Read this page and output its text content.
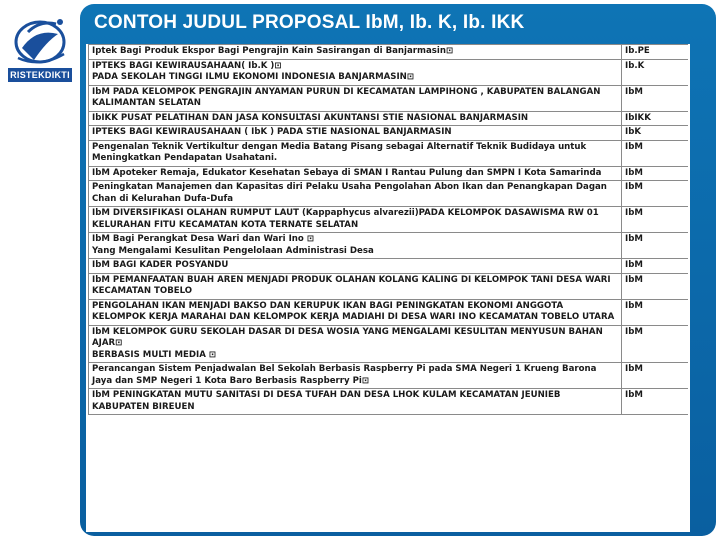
RISTEKDIKTI
CONTOH JUDUL PROPOSAL IbM, Ib. K, Ib. IKK
Iptek Bagi Produk Ekspor Bagi Pengrajin Kain Sasirangan di Banjarmasin⊡	Ib.PE
IPTEKS BAGI KEWIRAUSAHAAN( Ib.K )⊡
PADA SEKOLAH TINGGI ILMU EKONOMI INDONESIA BANJARMASIN⊡	Ib.K
IbM PADA KELOMPOK PENGRAJIN ANYAMAN PURUN DI KECAMATAN LAMPIHONG , KABUPATEN BALANGAN KALIMANTAN SELATAN	IbM
IbIKK PUSAT PELATIHAN DAN JASA KONSULTASI AKUNTANSI STIE NASIONAL BANJARMASIN	IbIKK
IPTEKS BAGI KEWIRAUSAHAAN ( IbK ) PADA STIE NASIONAL BANJARMASIN	IbK
Pengenalan Teknik Vertikultur dengan Media Batang Pisang sebagai Alternatif Teknik Budidaya untuk Meningkatkan Pendapatan Usahatani.	IbM
IbM Apoteker Remaja, Edukator Kesehatan Sebaya di SMAN I Rantau Pulung dan SMPN I Kota Samarinda	IbM
Peningkatan Manajemen dan Kapasitas diri Pelaku Usaha Pengolahan Abon Ikan dan Penangkapan Dagan Chan di Kelurahan Dufa-Dufa	IbM
IbM DIVERSIFIKASI OLAHAN RUMPUT LAUT (Kappaphycus alvarezii)PADA KELOMPOK DASAWISMA RW 01 KELURAHAN FITU KECAMATAN KOTA TERNATE SELATAN	IbM
IbM Bagi Perangkat Desa Wari dan Wari Ino ⊡
Yang Mengalami Kesulitan Pengelolaan Administrasi Desa	IbM
IbM BAGI KADER POSYANDU	IbM
IbM PEMANFAATAN BUAH AREN MENJADI PRODUK OLAHAN KOLANG KALING DI KELOMPOK TANI DESA WARI KECAMATAN TOBELO	IbM
PENGOLAHAN IKAN MENJADI BAKSO DAN KERUPUK IKAN BAGI PENINGKATAN EKONOMI ANGGOTA KELOMPOK KERJA MARAHAI DAN KELOMPOK KERJA MADIAHI DI DESA WARI INO KECAMATAN TOBELO UTARA	IbM
IbM KELOMPOK GURU SEKOLAH DASAR DI DESA WOSIA YANG MENGALAMI KESULITAN MENYUSUN BAHAN AJAR⊡
BERBASIS MULTI MEDIA ⊡	IbM
Perancangan Sistem Penjadwalan Bel Sekolah Berbasis Raspberry Pi pada SMA Negeri 1 Krueng Barona Jaya dan SMP Negeri 1 Kota Baro Berbasis Raspberry Pi⊡	IbM
IbM PENINGKATAN MUTU SANITASI DI DESA TUFAH DAN DESA LHOK KULAM KECAMATAN JEUNIEB KABUPATEN BIREUEN	IbM
